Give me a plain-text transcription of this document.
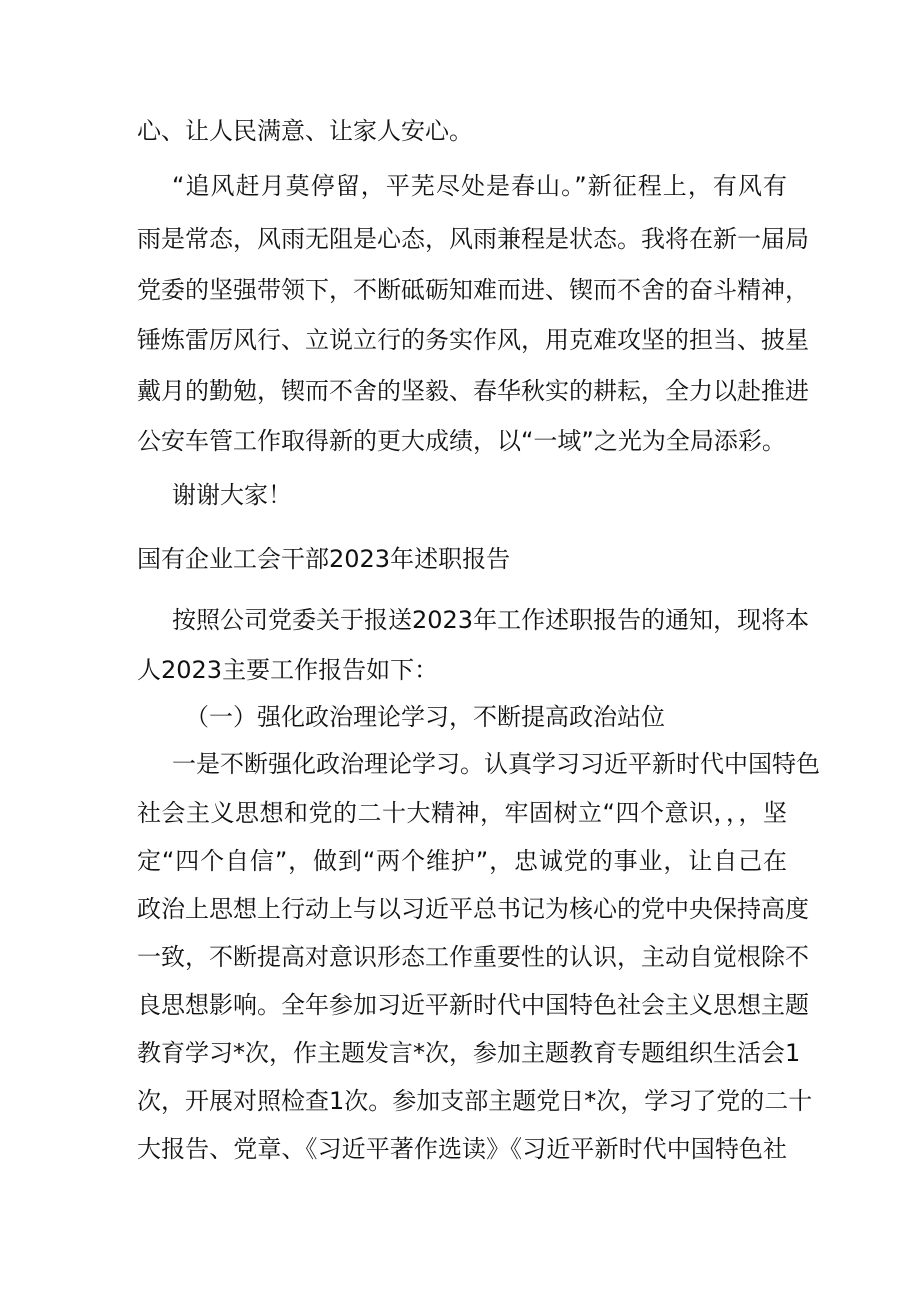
心、让人民满意、让家人安心。
“追风赶月莫停留，平芜尽处是春山。”新征程上，有风有
雨是常态，风雨无阻是心态，风雨兼程是状态。我将在新一届局
党委的坚强带领下，不断砥砺知难而进、锲而不舍的奋斗精神，
锤炼雷厉风行、立说立行的务实作风，用克难攻坚的担当、披星
戴月的勤勉，锲而不舍的坚毅、春华秋实的耕耘，全力以赴推进
公安车管工作取得新的更大成绩，以“一域”之光为全局添彩。
谢谢大家！
国有企业工会干部2023年述职报告
按照公司党委关于报送2023年工作述职报告的通知，现将本
人2023主要工作报告如下：
（一）强化政治理论学习，不断提高政治站位
一是不断强化政治理论学习。认真学习习近平新时代中国特色
社会主义思想和党的二十大精神，牢固树立“四个意识，，，坚
定“四个自信”，做到“两个维护”，忠诚党的事业，让自己在
政治上思想上行动上与以习近平总书记为核心的党中央保持高度
一致，不断提高对意识形态工作重要性的认识，主动自觉根除不
良思想影响。全年参加习近平新时代中国特色社会主义思想主题
教育学习*次，作主题发言*次，参加主题教育专题组织生活会1
次，开展对照检查1次。参加支部主题党日*次，学习了党的二十
大报告、党章、《习近平著作选读》《习近平新时代中国特色社
